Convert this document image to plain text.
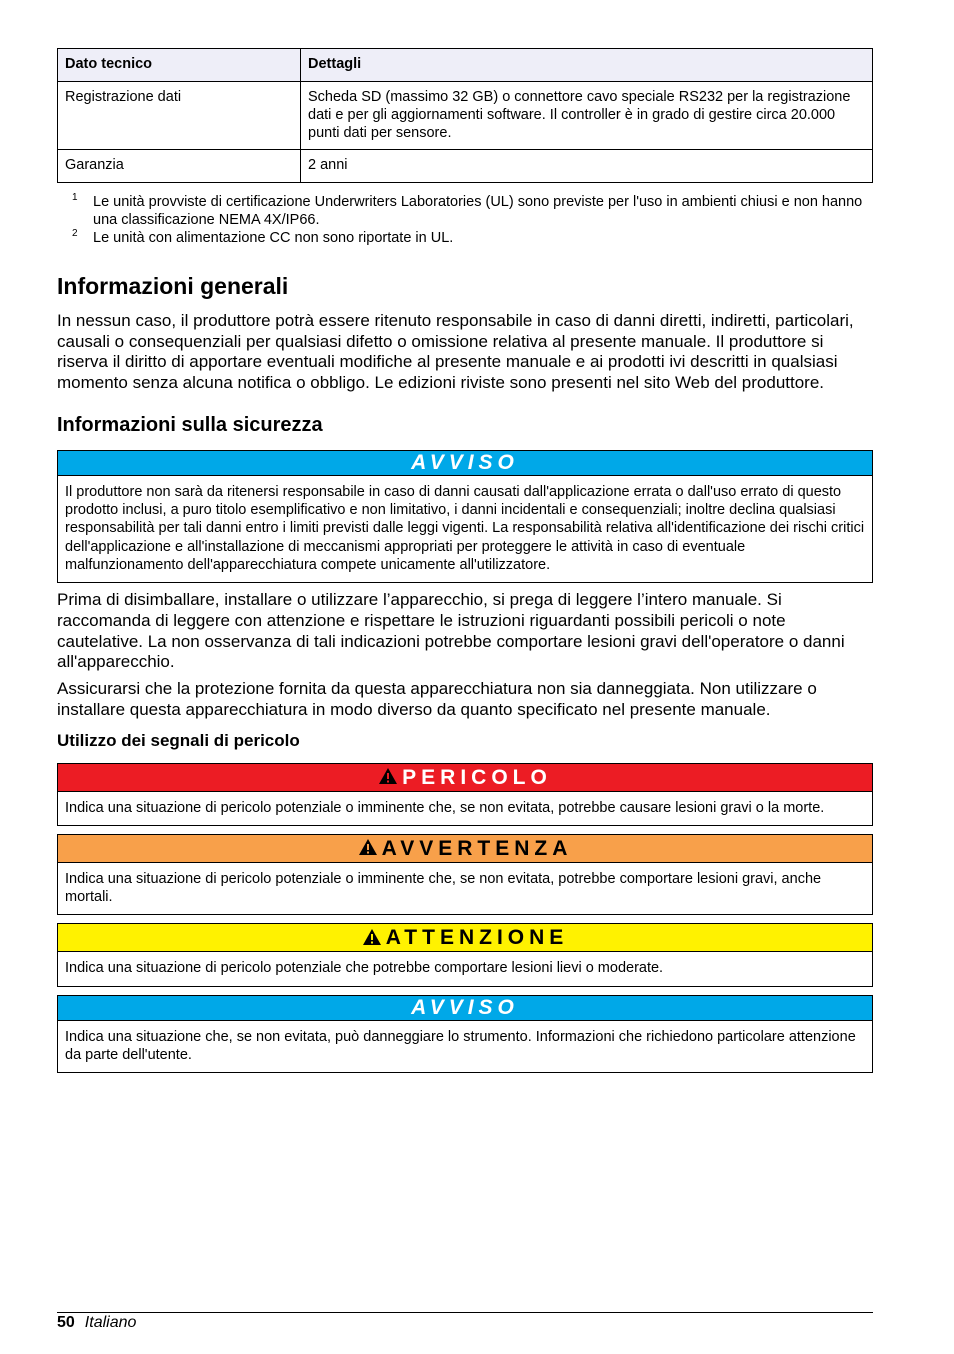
Dato tecnico	Dettagli
Registrazione dati	Scheda SD (massimo 32 GB) o connettore cavo speciale RS232 per la registrazione dati e per gli aggiornamenti software. Il controller è in grado di gestire circa 20.000 punti dati per sensore.
Garanzia	2 anni
1 Le unità provviste di certificazione Underwriters Laboratories (UL) sono previste per l'uso in ambienti chiusi e non hanno una classificazione NEMA 4X/IP66.
2 Le unità con alimentazione CC non sono riportate in UL.
Informazioni generali

In nessun caso, il produttore potrà essere ritenuto responsabile in caso di danni diretti, indiretti, particolari, causali o consequenziali per qualsiasi difetto o omissione relativa al presente manuale. Il produttore si riserva il diritto di apportare eventuali modifiche al presente manuale e ai prodotti ivi descritti in qualsiasi momento senza alcuna notifica o obbligo. Le edizioni riviste sono presenti nel sito Web del produttore.

Informazioni sulla sicurezza
AVVISO
Il produttore non sarà da ritenersi responsabile in caso di danni causati dall'applicazione errata o dall'uso errato di questo prodotto inclusi, a puro titolo esemplificativo e non limitativo, i danni incidentali e consequenziali; inoltre declina qualsiasi responsabilità per tali danni entro i limiti previsti dalle leggi vigenti. La responsabilità relativa all'identificazione dei rischi critici dell'applicazione e all'installazione di meccanismi appropriati per proteggere le attività in caso di eventuale malfunzionamento dell'apparecchiatura compete unicamente all'utilizzatore.

Prima di disimballare, installare o utilizzare l’apparecchio, si prega di leggere l’intero manuale. Si raccomanda di leggere con attenzione e rispettare le istruzioni riguardanti possibili pericoli o note cautelative. La non osservanza di tali indicazioni potrebbe comportare lesioni gravi dell'operatore o danni all'apparecchio.

Assicurarsi che la protezione fornita da questa apparecchiatura non sia danneggiata. Non utilizzare o installare questa apparecchiatura in modo diverso da quanto specificato nel presente manuale.

Utilizzo dei segnali di pericolo
PERICOLO
Indica una situazione di pericolo potenziale o imminente che, se non evitata, potrebbe causare lesioni gravi o la morte.
AVVERTENZA
Indica una situazione di pericolo potenziale o imminente che, se non evitata, potrebbe comportare lesioni gravi, anche mortali.
ATTENZIONE
Indica una situazione di pericolo potenziale che potrebbe comportare lesioni lievi o moderate.
AVVISO
Indica una situazione che, se non evitata, può danneggiare lo strumento. Informazioni che richiedono particolare attenzione da parte dell'utente.
50 Italiano
